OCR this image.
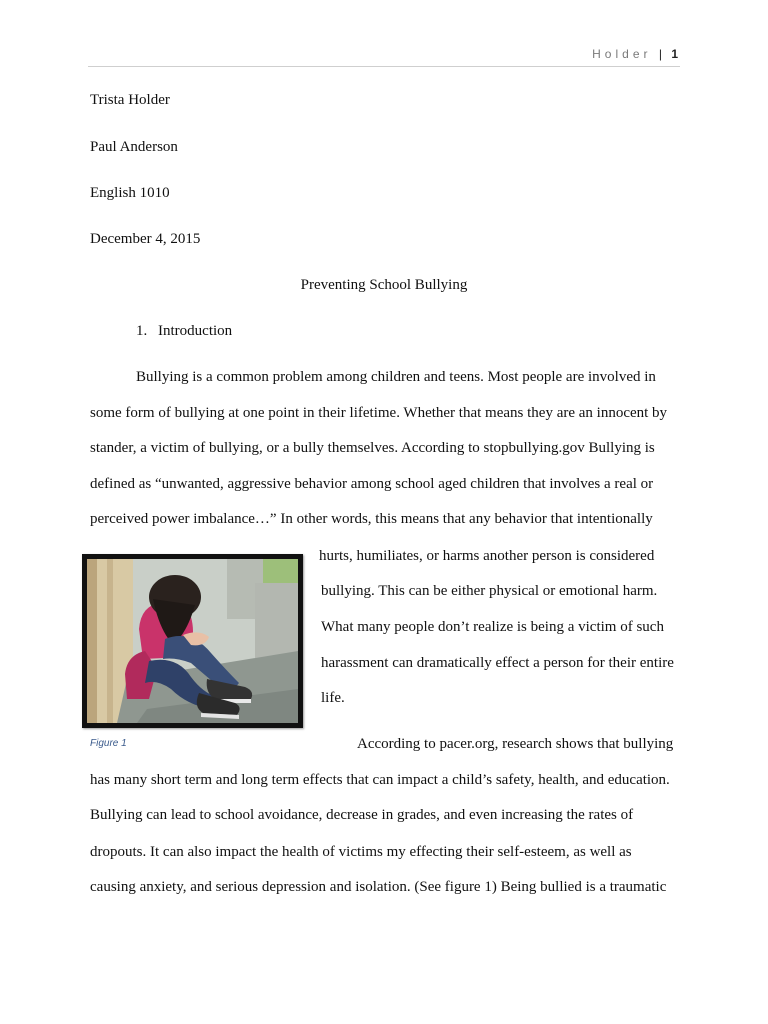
Holder | 1
Trista Holder
Paul Anderson
English 1010
December 4, 2015
Preventing School Bullying
1. Introduction
Bullying is a common problem among children and teens. Most people are involved in
some form of bullying at one point in their lifetime. Whether that means they are an innocent by
stander, a victim of bullying, or a bully themselves. According to stopbullying.gov Bullying is
defined as “unwanted, aggressive behavior among school aged children that involves a real or
perceived power imbalance…” In other words, this means that any behavior that intentionally
hurts, humiliates, or harms another person is considered
bullying. This can be either physical or emotional harm.
What many people don’t realize is being a victim of such
harassment can dramatically effect a person for their entire
life.
According to pacer.org, research shows that bullying
has many short term and long term effects that can impact a child’s safety, health, and education.
Bullying can lead to school avoidance, decrease in grades, and even increasing the rates of
dropouts. It can also impact the health of victims my effecting their self-esteem, as well as
causing anxiety, and serious depression and isolation. (See figure 1) Being bullied is a traumatic
Figure 1
